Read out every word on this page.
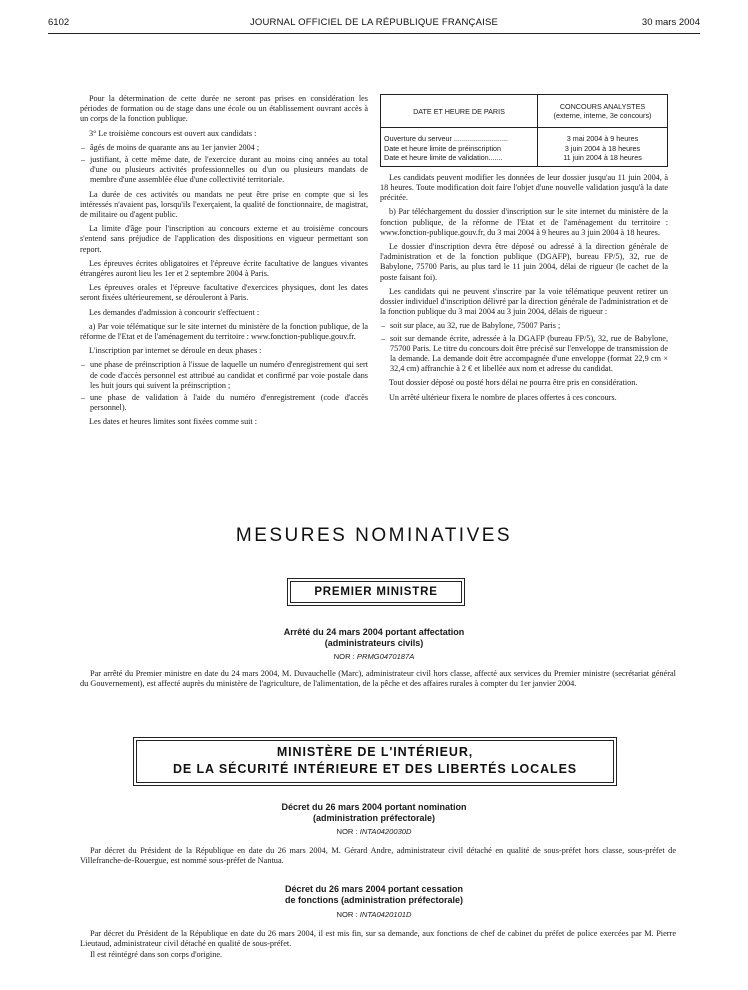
6102	JOURNAL OFFICIEL DE LA RÉPUBLIQUE FRANÇAISE	30 mars 2004

Pour la détermination de cette durée ne seront pas prises en considération les périodes de formation ou de stage dans une école ou un établissement ouvrant accès à un corps de la fonction publique.

3° Le troisième concours est ouvert aux candidats :

– âgés de moins de quarante ans au 1er janvier 2004 ;
– justifiant, à cette même date, de l'exercice durant au moins cinq années au total d'une ou plusieurs activités professionnelles ou d'un ou plusieurs mandats de membre d'une assemblée élue d'une collectivité territoriale.

La durée de ces activités ou mandats ne peut être prise en compte que si les intéressés n'avaient pas, lorsqu'ils l'exerçaient, la qualité de fonctionnaire, de magistrat, de militaire ou d'agent public.

La limite d'âge pour l'inscription au concours externe et au troisième concours s'entend sans préjudice de l'application des dispositions en vigueur permettant son report.

Les épreuves écrites obligatoires et l'épreuve écrite facultative de langues vivantes étrangères auront lieu les 1er et 2 septembre 2004 à Paris.

Les épreuves orales et l'épreuve facultative d'exercices physiques, dont les dates seront fixées ultérieurement, se dérouleront à Paris.

Les demandes d'admission à concourir s'effectuent :

a) Par voie télématique sur le site internet du ministère de la fonction publique, de la réforme de l'Etat et de l'aménagement du territoire : www.fonction-publique.gouv.fr.

L'inscription par internet se déroule en deux phases :

– une phase de préinscription à l'issue de laquelle un numéro d'enregistrement qui sert de code d'accès personnel est attribué au candidat et confirmé par voie postale dans les huit jours qui suivent la préinscription ;
– une phase de validation à l'aide du numéro d'enregistrement (code d'accès personnel).

Les dates et heures limites sont fixées comme suit :

DATE ET HEURE DE PARIS	CONCOURS ANALYSTES
(externe, interne, 3e concours)

Ouverture du serveur ...........................	3 mai 2004 à 9 heures
Date et heure limite de préinscription	3 juin 2004 à 18 heures
Date et heure limite de validation.......	11 juin 2004 à 18 heures

Les candidats peuvent modifier les données de leur dossier jusqu'au 11 juin 2004, à 18 heures. Toute modification doit faire l'objet d'une nouvelle validation jusqu'à la date précitée.

b) Par téléchargement du dossier d'inscription sur le site internet du ministère de la fonction publique, de la réforme de l'Etat et de l'aménagement du territoire : www.fonction-publique.gouv.fr, du 3 mai 2004 à 9 heures au 3 juin 2004 à 18 heures.

Le dossier d'inscription devra être déposé ou adressé à la direction générale de l'administration et de la fonction publique (DGAFP), bureau FP/5), 32, rue de Babylone, 75700 Paris, au plus tard le 11 juin 2004, délai de rigueur (le cachet de la poste faisant foi).

Les candidats qui ne peuvent s'inscrire par la voie télématique peuvent retirer un dossier individuel d'inscription délivré par la direction générale de l'administration et de la fonction publique du 3 mai 2004 au 3 juin 2004, délais de rigueur :

– soit sur place, au 32, rue de Babylone, 75007 Paris ;
– soit sur demande écrite, adressée à la DGAFP (bureau FP/5), 32, rue de Babylone, 75700 Paris. Le titre du concours doit être précisé sur l'enveloppe de transmission de la demande. La demande doit être accompagnée d'une enveloppe (format 22,9 cm × 32,4 cm) affranchie à 2 € et libellée aux nom et adresse du candidat.

Tout dossier déposé ou posté hors délai ne pourra être pris en considération.

Un arrêté ultérieur fixera le nombre de places offertes à ces concours.

MESURES NOMINATIVES
PREMIER MINISTRE
Arrêté du 24 mars 2004 portant affectation
(administrateurs civils)
NOR : PRMG0470187A

Par arrêté du Premier ministre en date du 24 mars 2004, M. Duvauchelle (Marc), administrateur civil hors classe, affecté aux services du Premier ministre (secrétariat général du Gouvernement), est affecté auprès du ministère de l'agriculture, de l'alimentation, de la pêche et des affaires rurales à compter du 1er janvier 2004.

MINISTÈRE DE L'INTÉRIEUR,
DE LA SÉCURITÉ INTÉRIEURE ET DES LIBERTÉS LOCALES
Décret du 26 mars 2004 portant nomination
(administration préfectorale)
NOR : INTA0420030D

Par décret du Président de la République en date du 26 mars 2004, M. Gérard Andre, administrateur civil détaché en qualité de sous-préfet hors classe, sous-préfet de Villefranche-de-Rouergue, est nommé sous-préfet de Nantua.

Décret du 26 mars 2004 portant cessation
de fonctions (administration préfectorale)
NOR : INTA0420101D

Par décret du Président de la République en date du 26 mars 2004, il est mis fin, sur sa demande, aux fonctions de chef de cabinet du préfet de police exercées par M. Pierre Lieutaud, administrateur civil détaché en qualité de sous-préfet.

Il est réintégré dans son corps d'origine.
